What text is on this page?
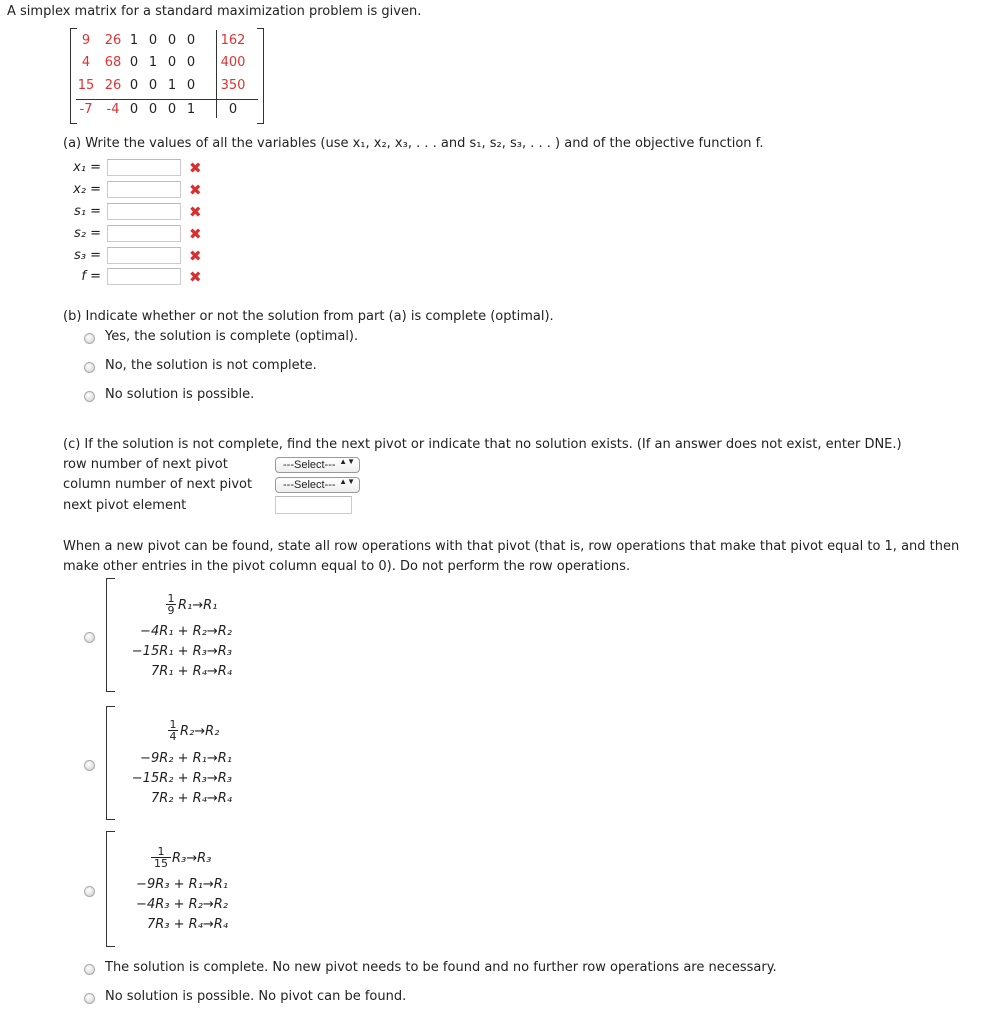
A simplex matrix for a standard maximization problem is given.
9	26 1 0 0 0	162
4	68 0 1 0 0	400
15 26 0 0 1 0	350
-7	-4 0 0 0 1	0
(a) Write the values of all the variables (use x₁, x₂, x₃, . . . and s₁, s₂, s₃, . . . ) and of the objective function f.
x₁ =	✖
x₂ =	✖
s₁ =	✖
s₂ =	✖
s₃ =	✖
f =	✖
(b) Indicate whether or not the solution from part (a) is complete (optimal).
Yes, the solution is complete (optimal).
No, the solution is not complete.
No solution is possible.
(c) If the solution is not complete, find the next pivot or indicate that no solution exists. (If an answer does not exist, enter DNE.)
row number of next pivot	---Select--- ▲▼
column number of next pivot	---Select--- ▲▼
next pivot element
When a new pivot can be found, state all row operations with that pivot (that is, row operations that make that pivot equal to 1, and then
make other entries in the pivot column equal to 0). Do not perform the row operations.
$\frac{1}{9} R_1\to R_1$
−4R₁ + R₂→R₂
−15R₁ + R₃→R₃
7R₁ + R₄→R₄
$\frac{1}{4} R_2\to R_2$
−9R₂ + R₁→R₁
−15R₂ + R₃→R₃
7R₂ + R₄→R₄
$\frac{1}{15} R_3\to R_3$
−9R₃ + R₁→R₁
−4R₃ + R₂→R₂
7R₃ + R₄→R₄
The solution is complete. No new pivot needs to be found and no further row operations are necessary.
No solution is possible. No pivot can be found.
